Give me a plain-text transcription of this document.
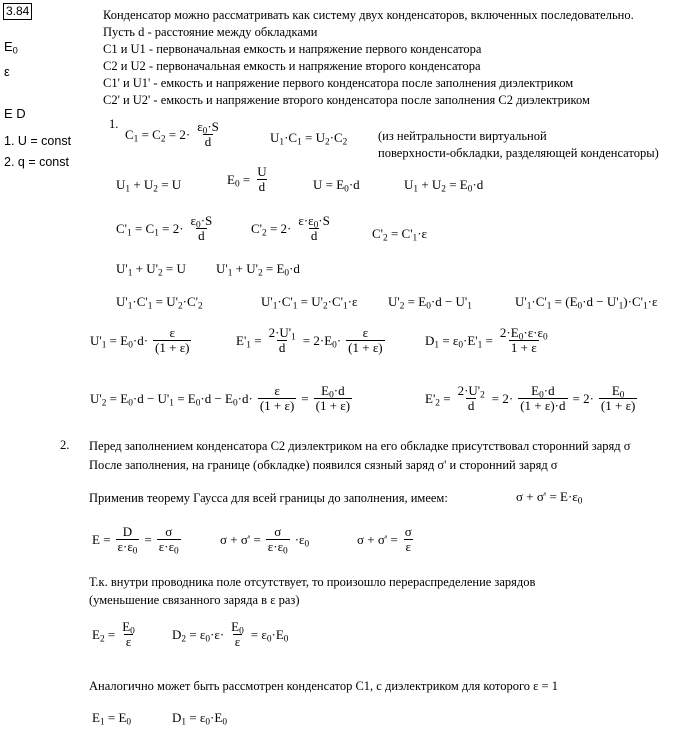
3.84
$E_0$
ε
E D
1. U = const
2. q = const
Конденсатор можно рассматривать как систему двух конденсаторов, включенных последовательно.
Пусть d - расстояние между обкладками
C1 и U1 - первоначальная емкость и напряжение первого конденсатора
C2 и U2 - первоначальная емкость и напряжение второго конденсатора
C1' и U1' - емкость и напряжение первого конденсатора после заполнения диэлектриком
C2' и U2' - емкость и напряжение второго конденсатора после заполнения C2 диэлектриком
1.
$C_1 = C_2 = 2\cdot \frac{\varepsilon_0\cdot S}{d}$	$U_1\cdot C_1 = U_2\cdot C_2$ (из нейтральности виртуальной
поверхности-обкладки, разделяющей конденсаторы)
$U_1 + U_2 = U$	$E_0 = \frac{U}{d}$	$U = E_0\cdot d$	$U_1 + U_2 = E_0\cdot d$
$C'_1 = C_1 = 2\cdot \frac{\varepsilon_0\cdot S}{d}$	$C'_2 = 2\cdot \frac{\varepsilon\cdot\varepsilon_0\cdot S}{d}$	$C'_2 = C'_1\cdot\varepsilon$
$U'_1 + U'_2 = U$ $U'_1 + U'_2 = E_0\cdot d$
$U'_1\cdot C'_1 = U'_2\cdot C'_2$	$U'_1\cdot C'_1 = U'_2\cdot C'_1\cdot\varepsilon$ $U'_2 = E_0\cdot d - U'_1$	$U'_1\cdot C'_1 = (E_0\cdot d - U'_1)\cdot C'_1\cdot\varepsilon$
$U'_1 = E_0\cdot d\cdot \frac{\varepsilon}{(1 + \varepsilon)}$	$E'_1 = \frac{2\cdot U'_1}{d} = 2\cdot E_0\cdot \frac{\varepsilon}{(1 + \varepsilon)}$	$D_1 = \varepsilon_0\cdot E'_1 = \frac{2\cdot E_0\cdot\varepsilon\cdot\varepsilon_0}{1 + \varepsilon}$
$U'_2 = E_0\cdot d - U'_1 = E_0\cdot d - E_0\cdot d\cdot \frac{\varepsilon}{(1 + \varepsilon)} = \frac{E_0\cdot d}{(1 + \varepsilon)}$	$E'_2 = \frac{2\cdot U'_2}{d} = 2\cdot \frac{E_0\cdot d}{(1 + \varepsilon)\cdot d} = 2\cdot \frac{E_0}{(1 + \varepsilon)}$
2. Перед заполнением конденсатора C2 диэлектриком на его обкладке присутствовал сторонний заряд σ
После заполнения, на границе (обкладке) появился сязный заряд σ' и сторонний заряд σ
Применив теорему Гаусса для всей границы до заполнения, имеем:	$\sigma + \sigma' = E\cdot\varepsilon_0$
$E = \frac{D}{\varepsilon\cdot\varepsilon_0} = \frac{\sigma}{\varepsilon\cdot\varepsilon_0}$	$\sigma + \sigma' = \frac{\sigma}{\varepsilon\cdot\varepsilon_0} \cdot\varepsilon_0$	$\sigma + \sigma' = \frac{\sigma}{\varepsilon}$
Т.к. внутри проводника поле отсутствует, то произошло перераспределение зарядов
(уменьшение связанного заряда в ε раз)
$E_2 = \frac{E_0}{\varepsilon}$	$D_2 = \varepsilon_0\cdot\varepsilon\cdot \frac{E_0}{\varepsilon} = \varepsilon_0\cdot E_0$
Аналогично может быть рассмотрен конденсатор C1, с диэлектриком для которого ε = 1
$E_1 = E_0$	$D_1 = \varepsilon_0\cdot E_0$
